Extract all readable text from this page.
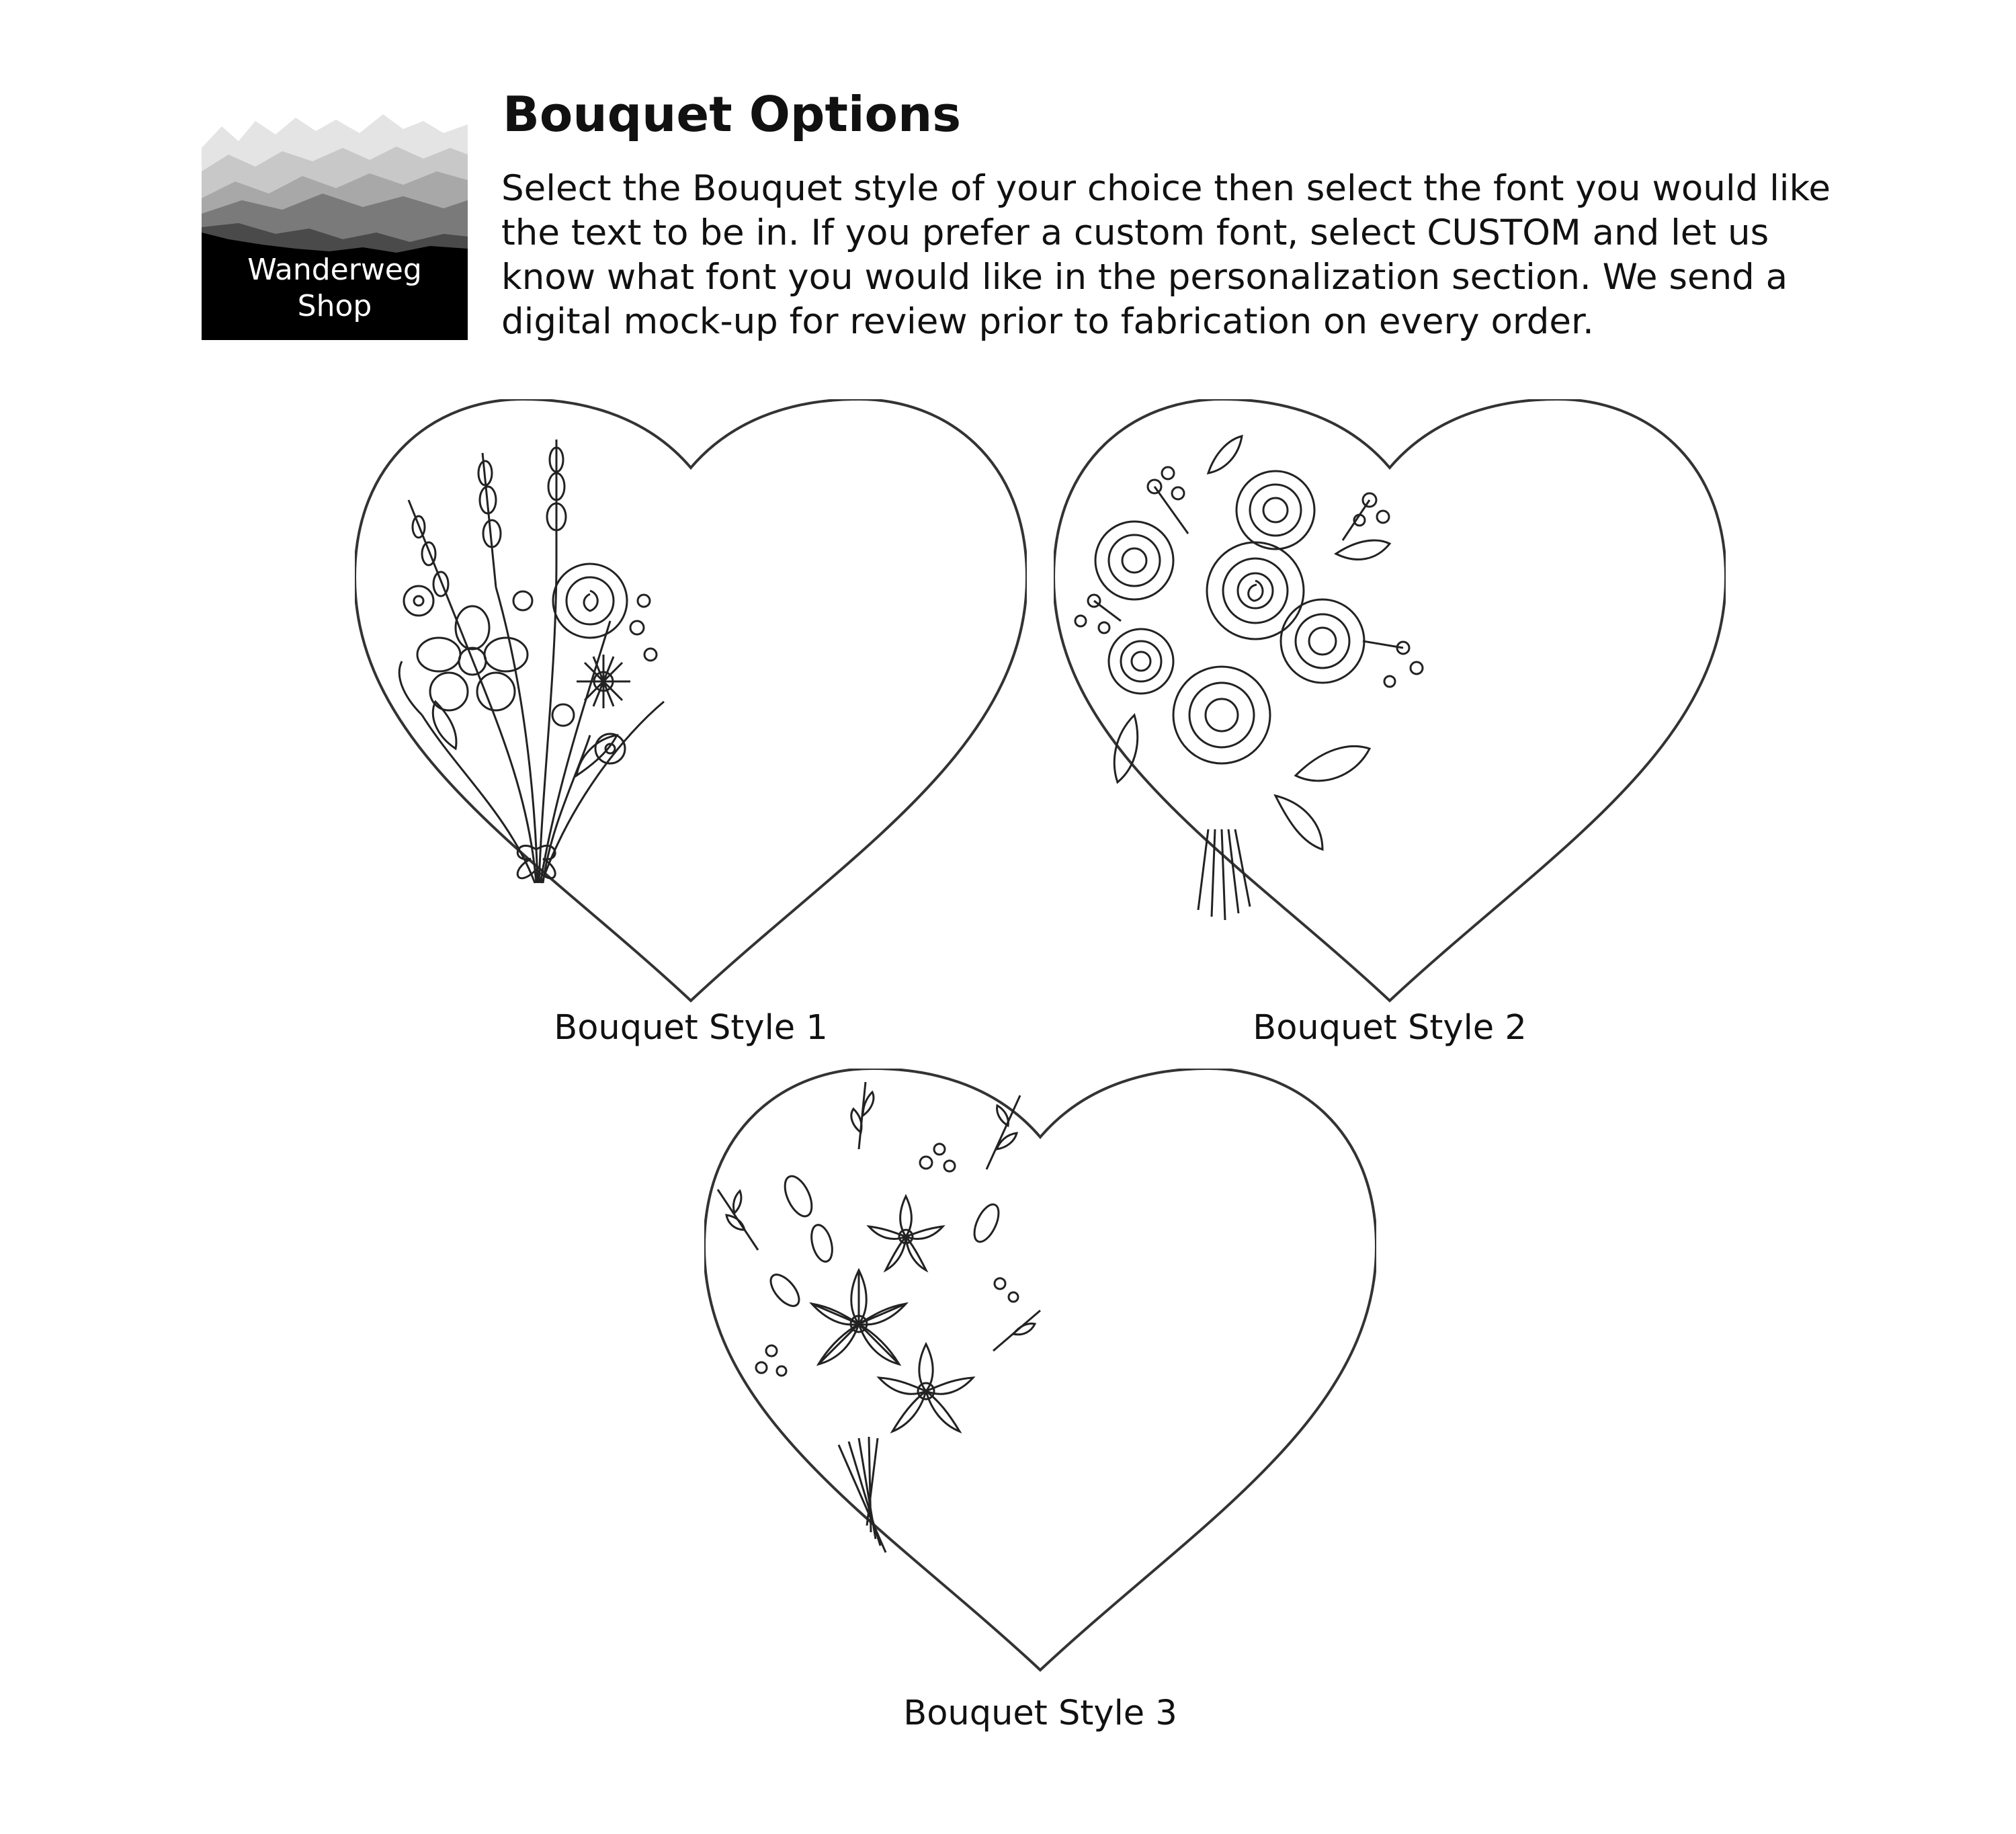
Wanderweg
Shop
Bouquet Options

Select the Bouquet style of your choice then select the font you would like
the text to be in. If you prefer a custom font, select CUSTOM and let us
know what font you would like in the personalization section. We send a
digital mock-up for review prior to fabrication on every order.

Bouquet Style 1	Bouquet Style 2
Bouquet Style 3
